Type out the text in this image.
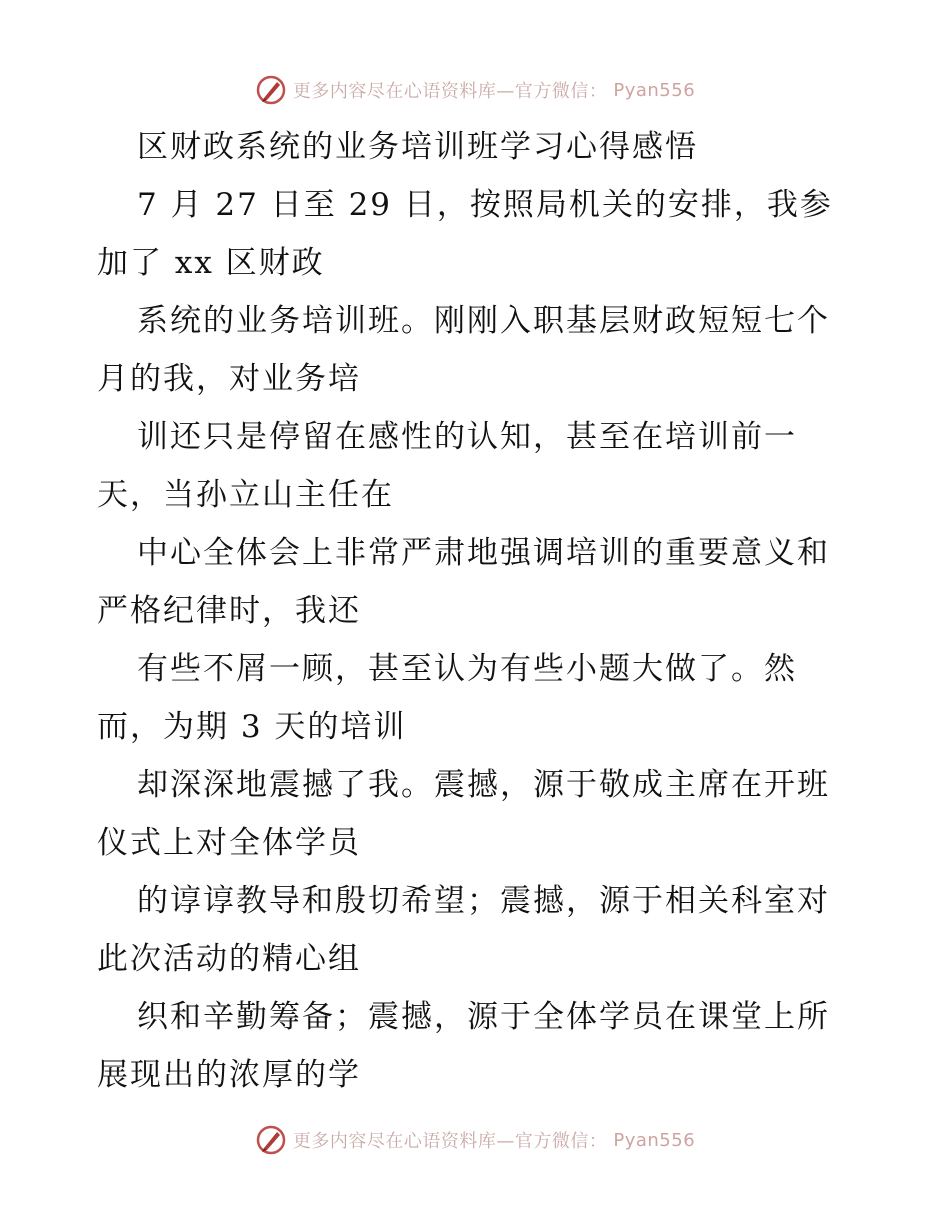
更多内容尽在心语资料库—官方微信： Pyan556
区财政系统的业务培训班学习心得感悟
7 月 27 日至 29 日，按照局机关的安排，我参
加了 xx 区财政
系统的业务培训班。刚刚入职基层财政短短七个
月的我，对业务培
训还只是停留在感性的认知，甚至在培训前一
天，当孙立山主任在
中心全体会上非常严肃地强调培训的重要意义和
严格纪律时，我还
有些不屑一顾，甚至认为有些小题大做了。然
而，为期 3 天的培训
却深深地震撼了我。震撼，源于敬成主席在开班
仪式上对全体学员
的谆谆教导和殷切希望；震撼，源于相关科室对
此次活动的精心组
织和辛勤筹备；震撼，源于全体学员在课堂上所
展现出的浓厚的学
更多内容尽在心语资料库—官方微信： Pyan556
